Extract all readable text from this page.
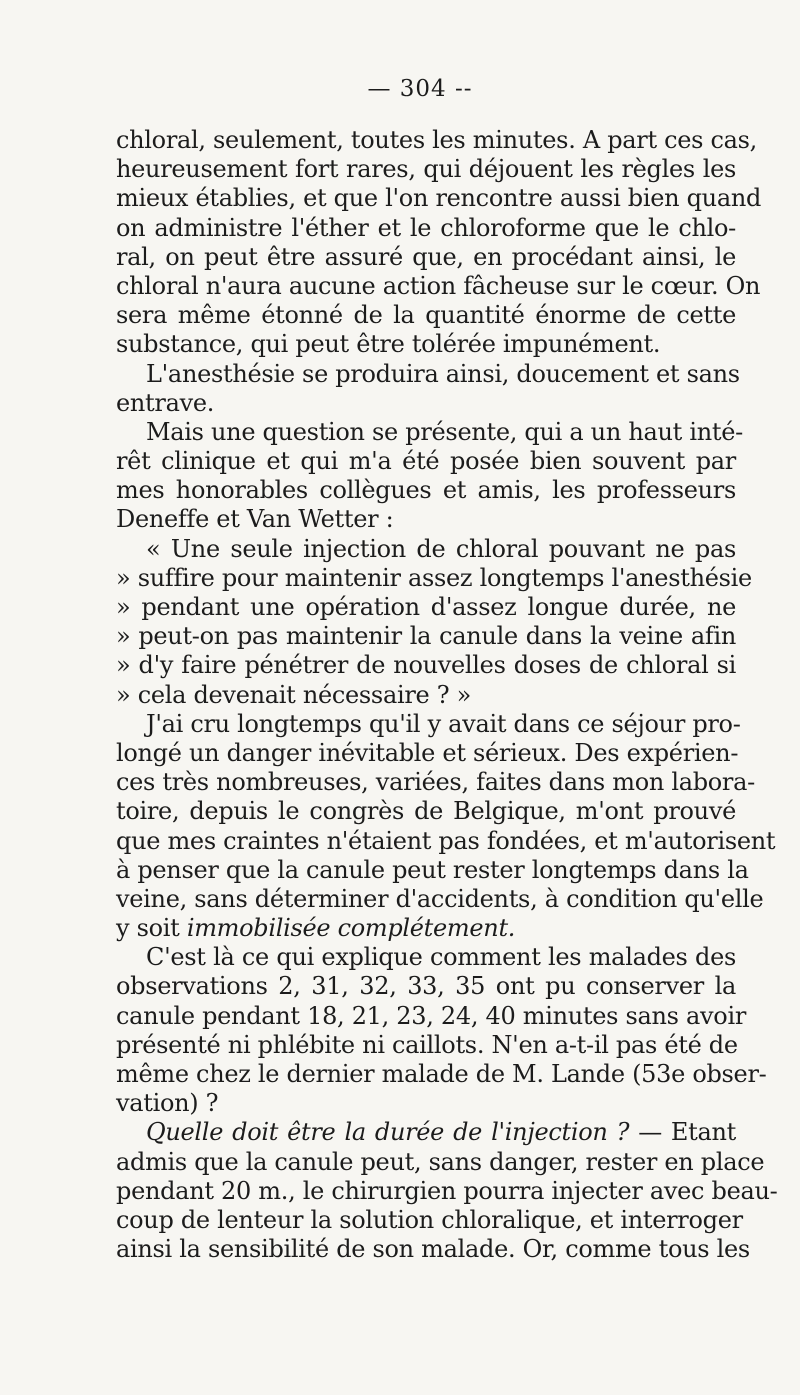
— 304 --
chloral, seulement, toutes les minutes. A part ces cas,
heureusement fort rares, qui déjouent les règles les
mieux établies, et que l'on rencontre aussi bien quand
on administre l'éther et le chloroforme que le chlo-
ral, on peut être assuré que, en procédant ainsi, le
chloral n'aura aucune action fâcheuse sur le cœur. On
sera même étonné de la quantité énorme de cette
substance, qui peut être tolérée impunément.
L'anesthésie se produira ainsi, doucement et sans
entrave.
Mais une question se présente, qui a un haut inté-
rêt clinique et qui m'a été posée bien souvent par
mes honorables collègues et amis, les professeurs
Deneffe et Van Wetter :
« Une seule injection de chloral pouvant ne pas
» suffire pour maintenir assez longtemps l'anesthésie
» pendant une opération d'assez longue durée, ne
» peut-on pas maintenir la canule dans la veine afin
» d'y faire pénétrer de nouvelles doses de chloral si
» cela devenait nécessaire ? »
J'ai cru longtemps qu'il y avait dans ce séjour pro-
longé un danger inévitable et sérieux. Des expérien-
ces très nombreuses, variées, faites dans mon labora-
toire, depuis le congrès de Belgique, m'ont prouvé
que mes craintes n'étaient pas fondées, et m'autorisent
à penser que la canule peut rester longtemps dans la
veine, sans déterminer d'accidents, à condition qu'elle
y soit immobilisée complétement.
C'est là ce qui explique comment les malades des
observations 2, 31, 32, 33, 35 ont pu conserver la
canule pendant 18, 21, 23, 24, 40 minutes sans avoir
présenté ni phlébite ni caillots. N'en a-t-il pas été de
même chez le dernier malade de M. Lande (53e obser-
vation) ?
Quelle doit être la durée de l'injection ? — Etant
admis que la canule peut, sans danger, rester en place
pendant 20 m., le chirurgien pourra injecter avec beau-
coup de lenteur la solution chloralique, et interroger
ainsi la sensibilité de son malade. Or, comme tous les
